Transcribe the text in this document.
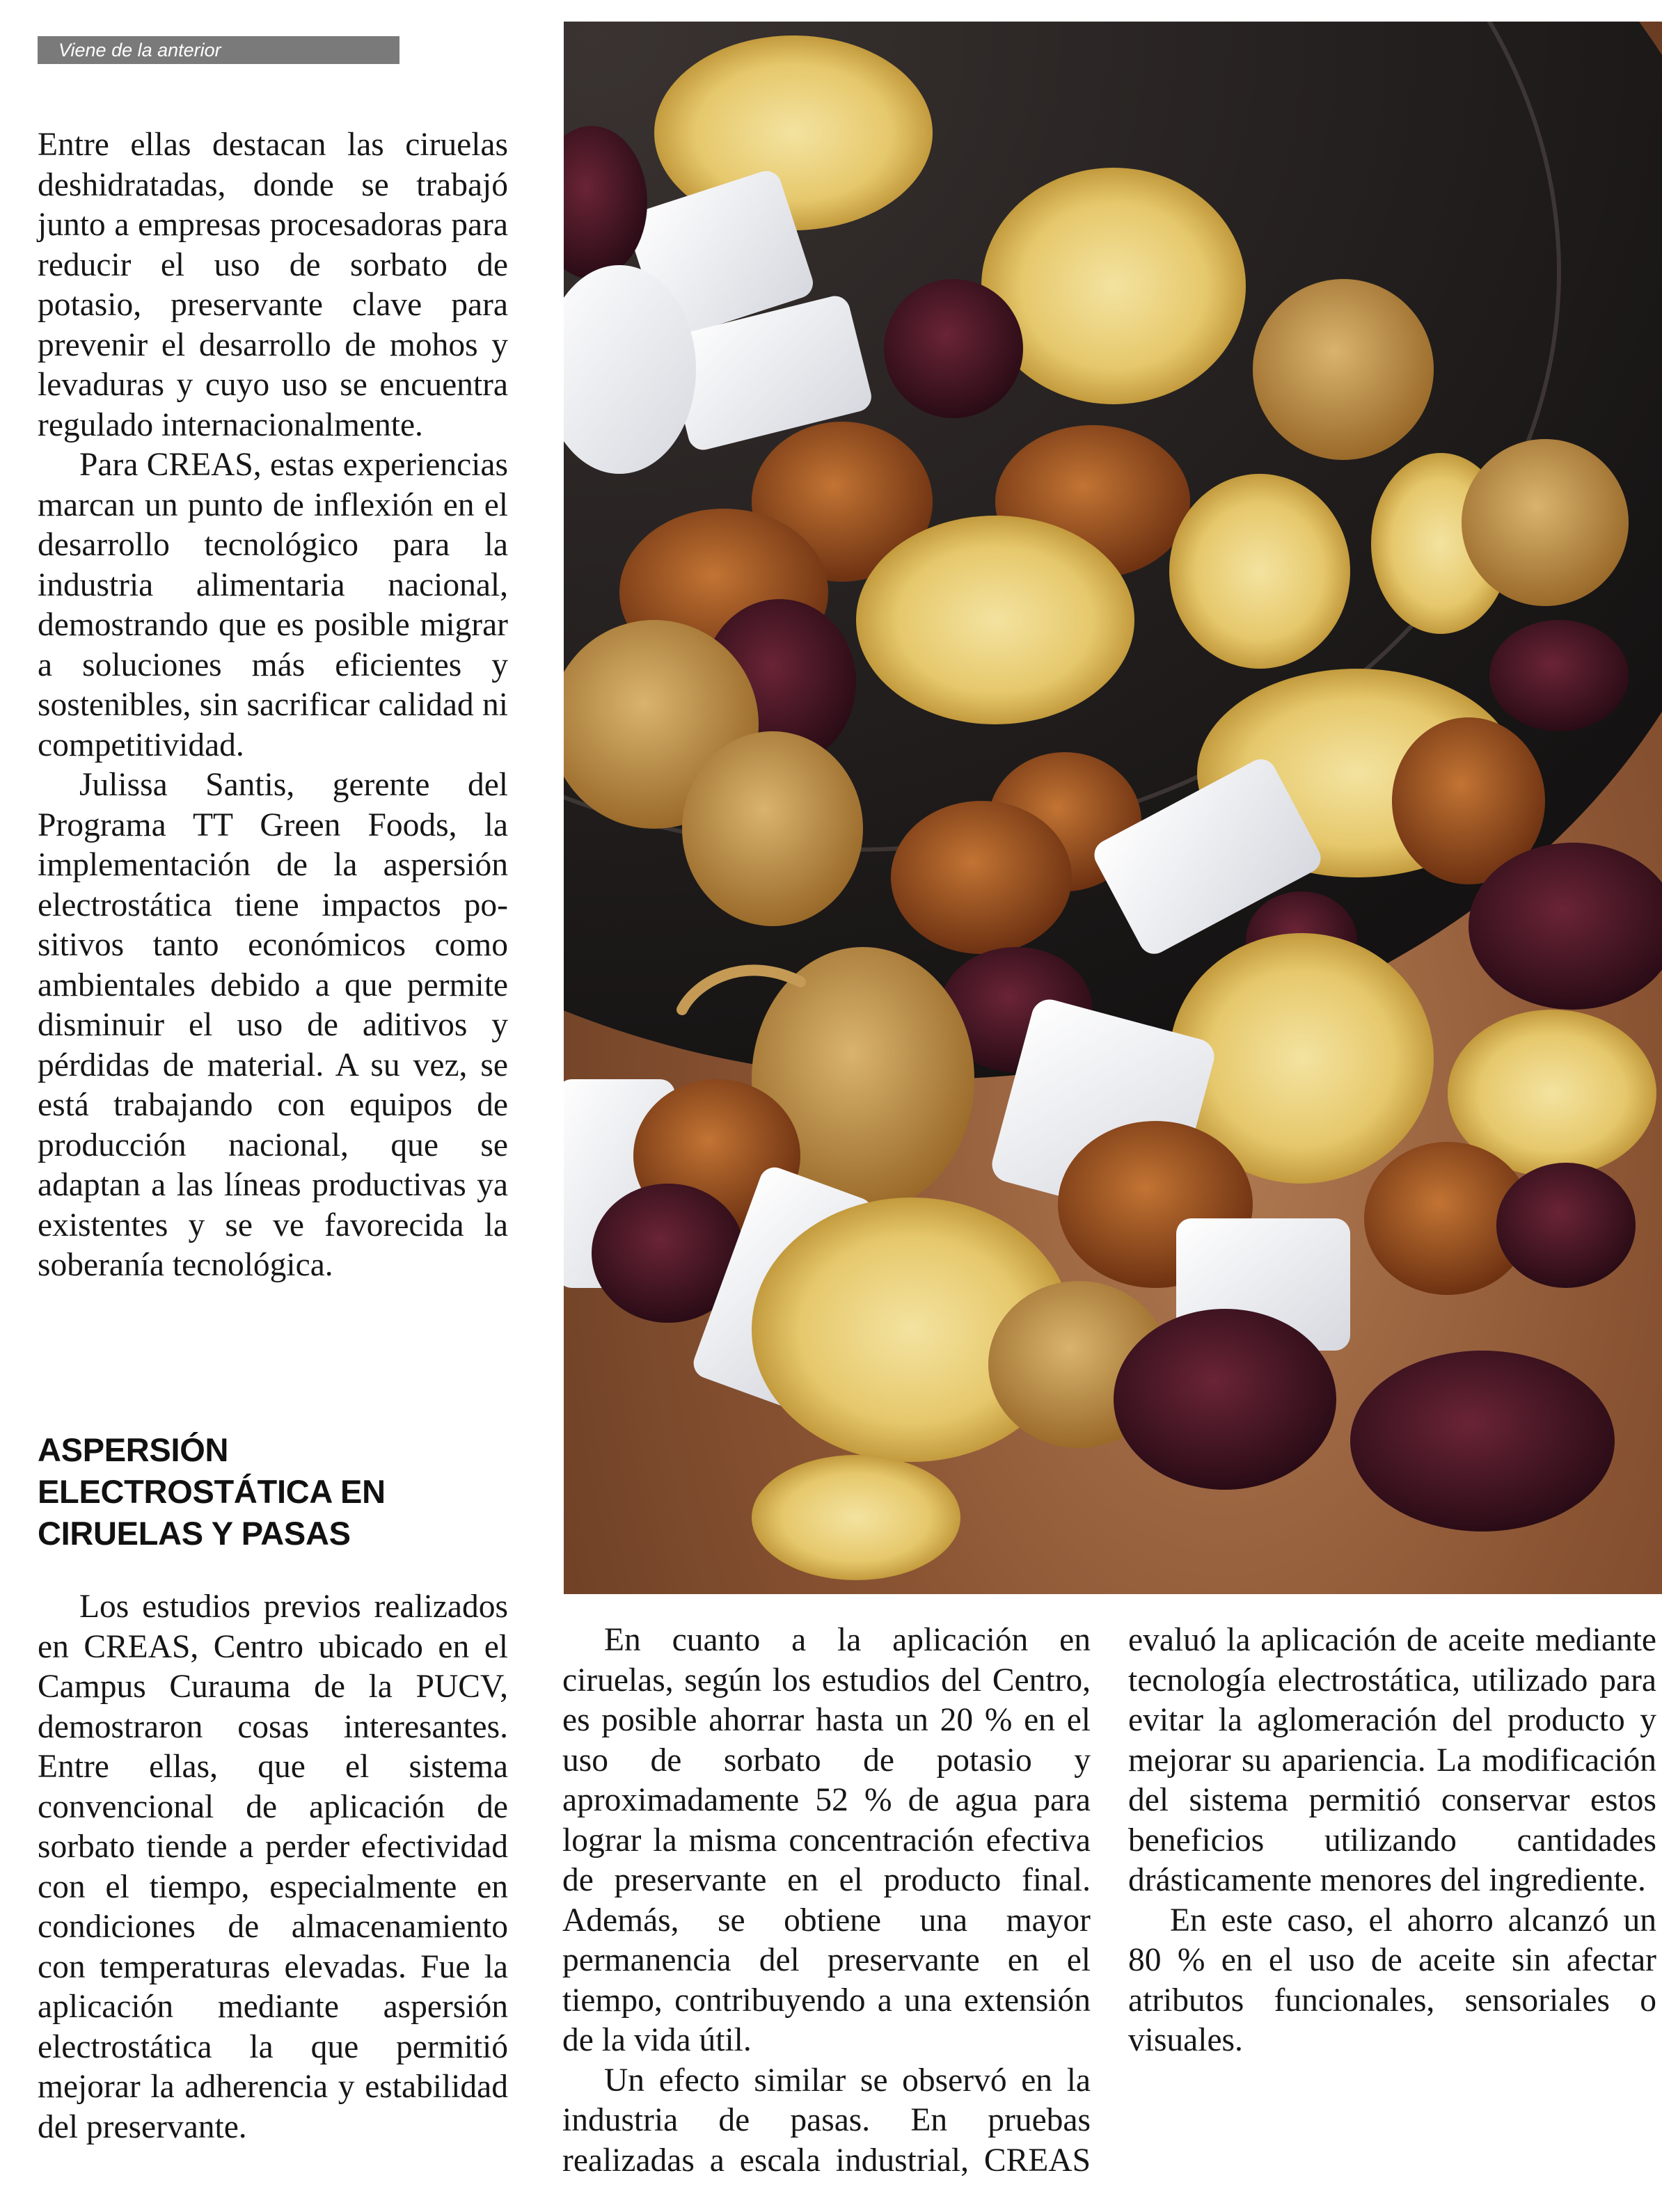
Viene de la anterior

Entre ellas destacan las ciruelas deshidratadas, donde se trabajó junto a empresas procesadoras para reducir el uso de sorbato de potasio, preservante clave para prevenir el desarrollo de mohos y levaduras y cuyo uso se encuentra regulado internacionalmente.

Para CREAS, estas experiencias marcan un punto de inflexión en el desarrollo tecnológico para la industria alimentaria nacional, demostrando que es posible migrar a soluciones más eficientes y sostenibles, sin sacrificar calidad ni competitividad.

Julissa Santis, gerente del Programa TT Green Foods, la implementación de la aspersión electrostática tiene impactos positivos tanto económicos como ambientales debido a que permite disminuir el uso de aditivos y pérdidas de material. A su vez, se está trabajando con equipos de producción nacional, que se adaptan a las líneas productivas ya existentes y se ve favorecida la soberanía tecnológica.

ASPERSIÓN ELECTROSTÁTICA EN CIRUELAS Y PASAS

Los estudios previos realizados en CREAS, Centro ubicado en el Campus Curauma de la PUCV, demostraron cosas interesantes. Entre ellas, que el sistema convencional de aplicación de sorbato tiende a perder efectividad con el tiempo, especialmente en condiciones de almacenamiento con temperaturas elevadas. Fue la aplicación mediante aspersión electrostática la que permitió mejorar la adherencia y estabilidad del preservante.

En cuanto a la aplicación en ciruelas, según los estudios del Centro, es posible ahorrar hasta un 20 % en el uso de sorbato de potasio y aproximadamente 52 % de agua para lograr la misma concentración efectiva de preservante en el producto final. Además, se obtiene una mayor permanencia del preservante en el tiempo, contribuyendo a una extensión de la vida útil.

Un efecto similar se observó en la industria de pasas. En pruebas realizadas a escala industrial, CREAS evaluó la aplicación de aceite mediante tecnología electrostática, utilizado para evitar la aglomeración del producto y mejorar su apariencia. La modificación del sistema permitió conservar estos beneficios utilizando cantidades drásticamente menores del ingrediente.

En este caso, el ahorro alcanzó un 80 % en el uso de aceite sin afectar atributos funcionales, sensoriales o visuales.
